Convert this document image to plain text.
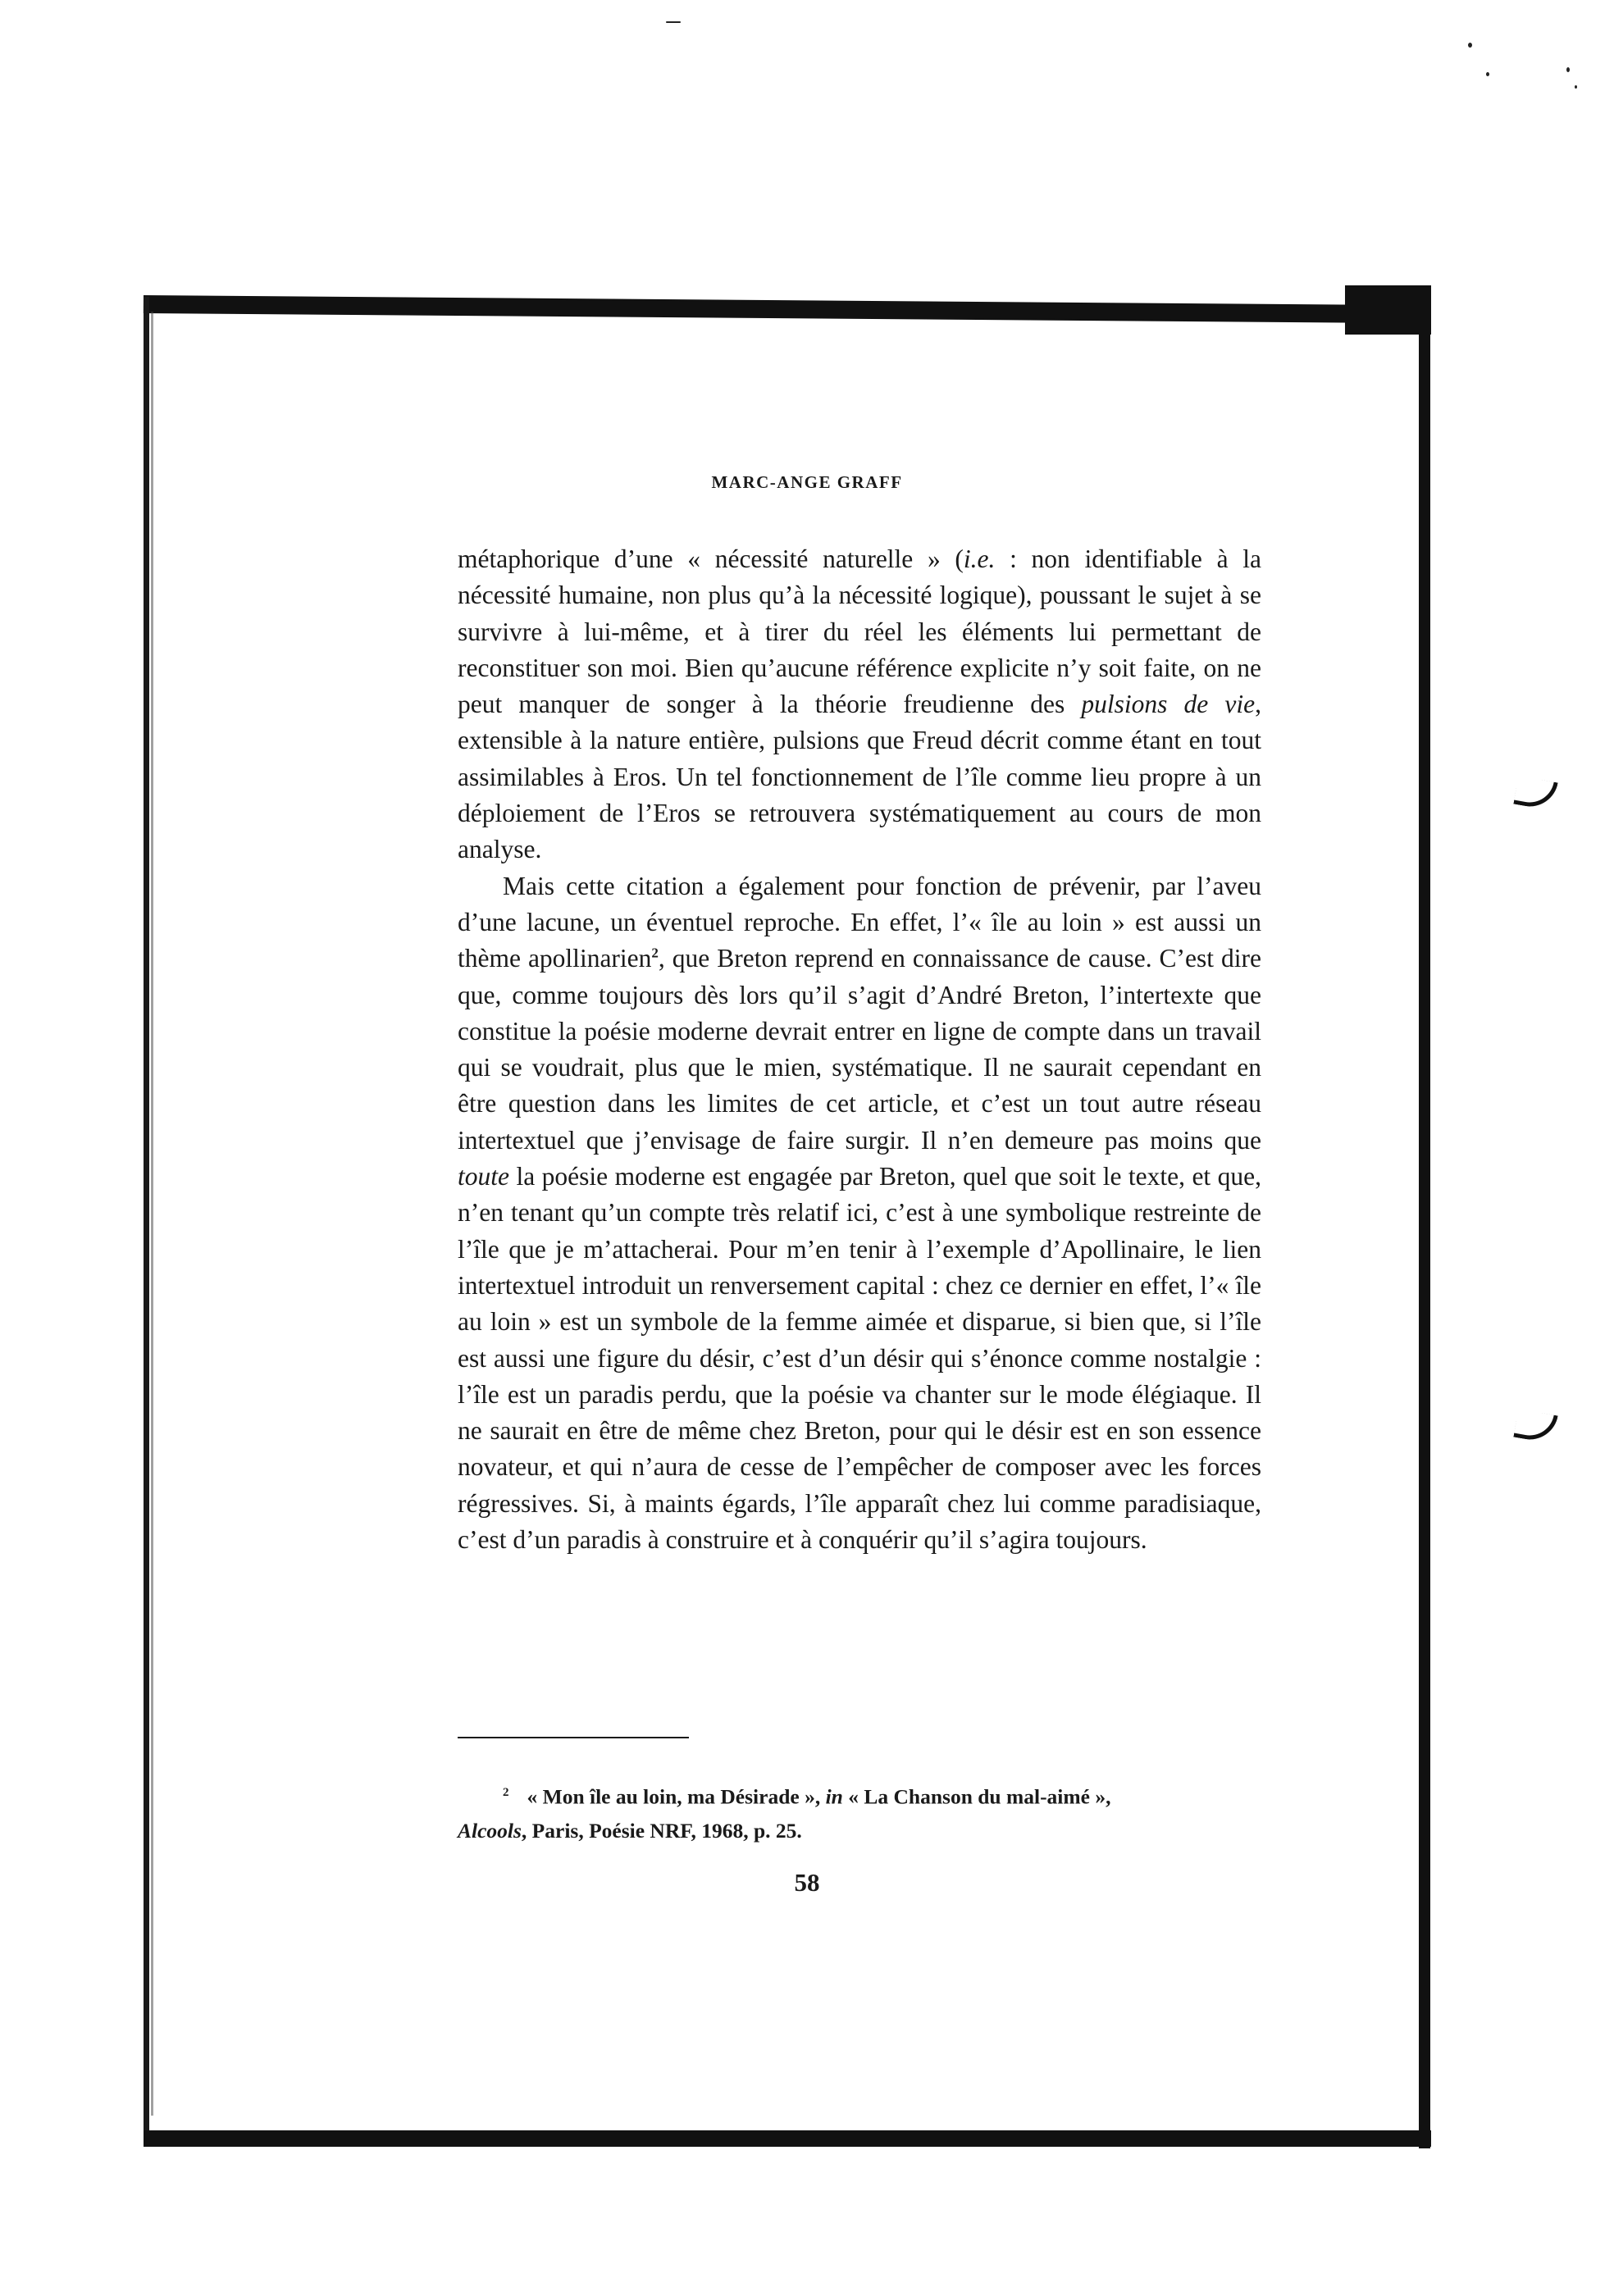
MARC-ANGE GRAFF

métaphorique d’une « nécessité naturelle » (i.e. : non identifiable à la nécessité humaine, non plus qu’à la nécessité logique), poussant le sujet à se survivre à lui-même, et à tirer du réel les éléments lui permettant de reconstituer son moi. Bien qu’aucune référence explicite n’y soit faite, on ne peut manquer de songer à la théorie freudienne des pulsions de vie, extensible à la nature entière, pulsions que Freud décrit comme étant en tout assimilables à Eros. Un tel fonctionnement de l’île comme lieu propre à un déploiement de l’Eros se retrouvera systématiquement au cours de mon analyse.

Mais cette citation a également pour fonction de prévenir, par l’aveu d’une lacune, un éventuel reproche. En effet, l’« île au loin » est aussi un thème apollinarien$^2$, que Breton reprend en connaissance de cause. C’est dire que, comme toujours dès lors qu’il s’agit d’André Breton, l’intertexte que constitue la poésie moderne devrait entrer en ligne de compte dans un travail qui se voudrait, plus que le mien, systématique. Il ne saurait cependant en être question dans les limites de cet article, et c’est un tout autre réseau intertextuel que j’envisage de faire surgir. Il n’en demeure pas moins que toute la poésie moderne est engagée par Breton, quel que soit le texte, et que, n’en tenant qu’un compte très relatif ici, c’est à une symbolique restreinte de l’île que je m’attacherai. Pour m’en tenir à l’exemple d’Apollinaire, le lien intertextuel introduit un renversement capital : chez ce dernier en effet, l’« île au loin » est un symbole de la femme aimée et disparue, si bien que, si l’île est aussi une figure du désir, c’est d’un désir qui s’énonce comme nostalgie : l’île est un paradis perdu, que la poésie va chanter sur le mode élégiaque. Il ne saurait en être de même chez Breton, pour qui le désir est en son essence novateur, et qui n’aura de cesse de l’empêcher de composer avec les forces régressives. Si, à maints égards, l’île apparaît chez lui comme paradisiaque, c’est d’un paradis à construire et à conquérir qu’il s’agira toujours.

$^2$ « Mon île au loin, ma Désirade », in « La Chanson du mal-aimé »,
Alcools, Paris, Poésie NRF, 1968, p. 25.
58
